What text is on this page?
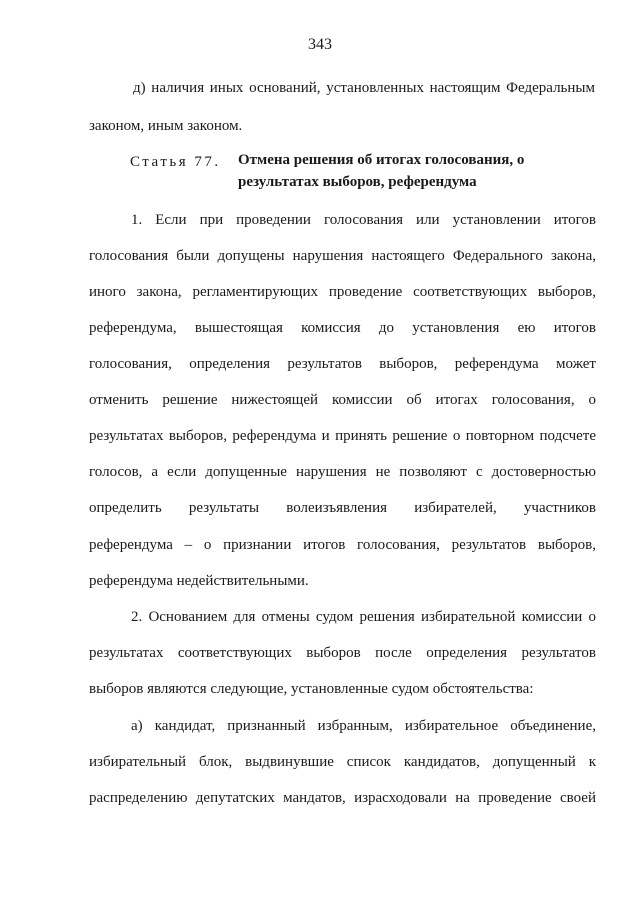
343
д) наличия иных оснований, установленных настоящим Федеральным
законом, иным законом.
Статья 77. Отмена решения об итогах голосования, о
результатах выборов, референдума
1. Если при проведении голосования или установлении итогов
голосования были допущены нарушения настоящего Федерального закона,
иного закона, регламентирующих проведение соответствующих выборов,
референдума, вышестоящая комиссия до установления ею итогов
голосования, определения результатов выборов, референдума может
отменить решение нижестоящей комиссии об итогах голосования, о
результатах выборов, референдума и принять решение о повторном подсчете
голосов, а если допущенные нарушения не позволяют с достоверностью
определить результаты волеизъявления избирателей, участников
референдума – о признании итогов голосования, результатов выборов,
референдума недействительными.
2. Основанием для отмены судом решения избирательной комиссии о
результатах соответствующих выборов после определения результатов
выборов являются следующие, установленные судом обстоятельства:
а) кандидат, признанный избранным, избирательное объединение,
избирательный блок, выдвинувшие список кандидатов, допущенный к
распределению депутатских мандатов, израсходовали на проведение своей
